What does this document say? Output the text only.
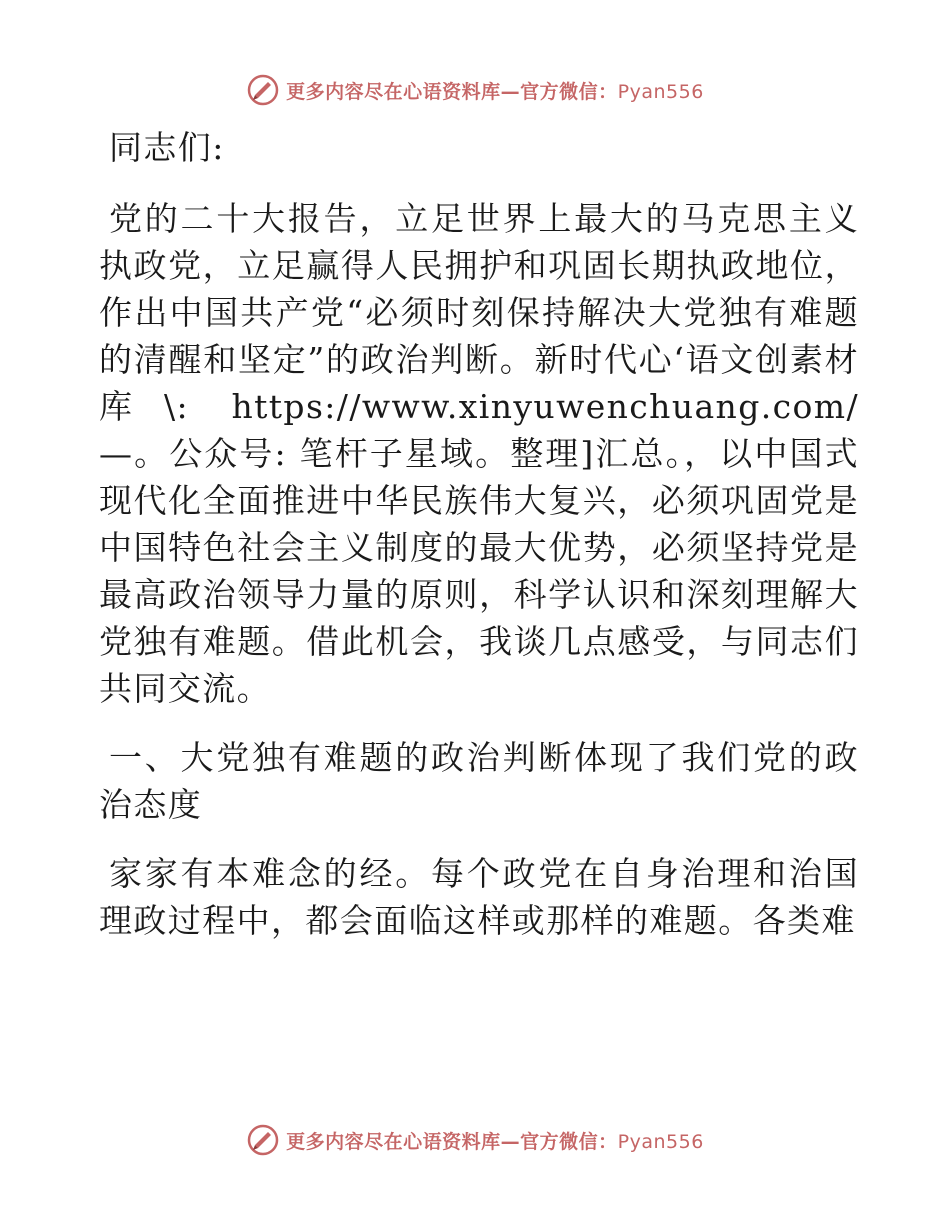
更多内容尽在心语资料库—官方微信：Pyan556

同志们:

党的二十大报告，立足世界上最大的马克思主义执政党，立足赢得人民拥护和巩固长期执政地位，作出中国共产党“必须时刻保持解决大党独有难题的清醒和坚定”的政治判断。新时代心‘语文创素材库\: https://www.xinyuwenchuang.com/—。公众号: 笔杆子星域。整理]汇总。，以中国式现代化全面推进中华民族伟大复兴，必须巩固党是中国特色社会主义制度的最大优势，必须坚持党是最高政治领导力量的原则，科学认识和深刻理解大党独有难题。借此机会，我谈几点感受，与同志们共同交流。

一、大党独有难题的政治判断体现了我们党的政治态度

家家有本难念的经。每个政党在自身治理和治国理政过程中，都会面临这样或那样的难题。各类难

更多内容尽在心语资料库—官方微信：Pyan556
